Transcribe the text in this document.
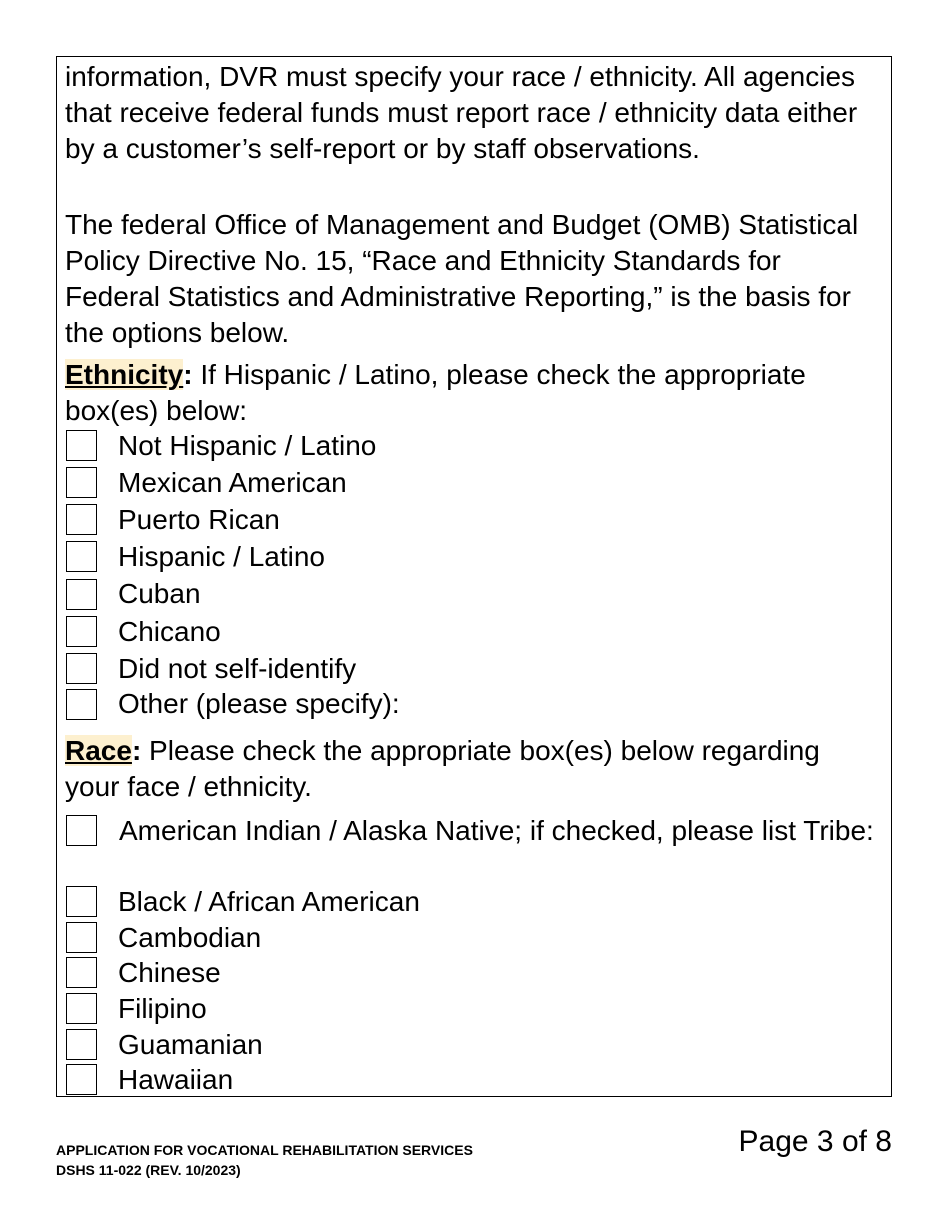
information, DVR must specify your race / ethnicity. All agencies that receive federal funds must report race / ethnicity data either by a customer’s self-report or by staff observations.

The federal Office of Management and Budget (OMB) Statistical Policy Directive No. 15, “Race and Ethnicity Standards for Federal Statistics and Administrative Reporting,” is the basis for the options below.

Ethnicity: If Hispanic / Latino, please check the appropriate box(es) below:

Not Hispanic / Latino
Mexican American
Puerto Rican
Hispanic / Latino
Cuban
Chicano
Did not self-identify
Other (please specify):

Race: Please check the appropriate box(es) below regarding your face / ethnicity.

American Indian / Alaska Native; if checked, please list Tribe:
Black / African American
Cambodian
Chinese
Filipino
Guamanian
Hawaiian
APPLICATION FOR VOCATIONAL REHABILITATION SERVICES
DSHS 11-022 (REV. 10/2023)
Page 3 of 8
